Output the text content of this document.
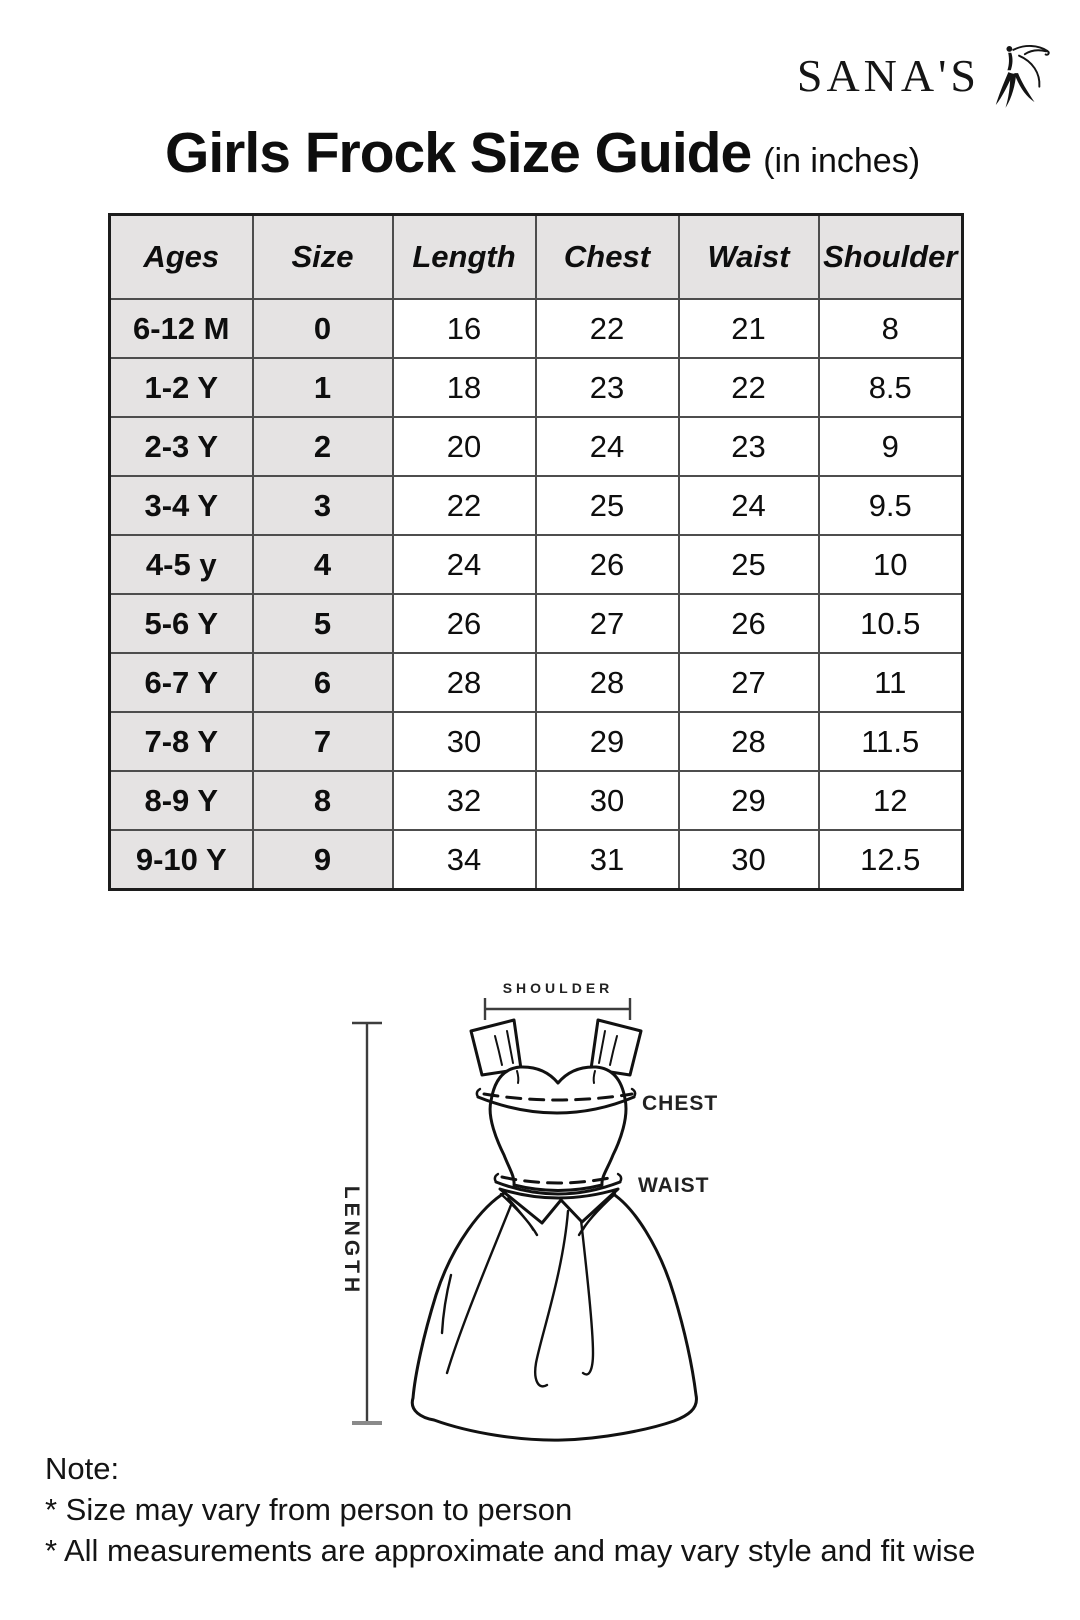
SANA'S
Girls Frock Size Guide (in inches)
Ages	Size	Length	Chest	Waist	Shoulder
6-12 M	0	16	22	21	8
1-2 Y	1	18	23	22	8.5
2-3 Y	2	20	24	23	9
3-4 Y	3	22	25	24	9.5
4-5 y	4	24	26	25	10
5-6 Y	5	26	27	26	10.5
6-7 Y	6	28	28	27	11
7-8 Y	7	30	29	28	11.5
8-9 Y	8	32	30	29	12
9-10 Y	9	34	31	30	12.5
SHOULDER
CHEST
WAIST
LENGTH
Note:
* Size may vary from person to person
* All measurements are approximate and may vary style and fit wise
